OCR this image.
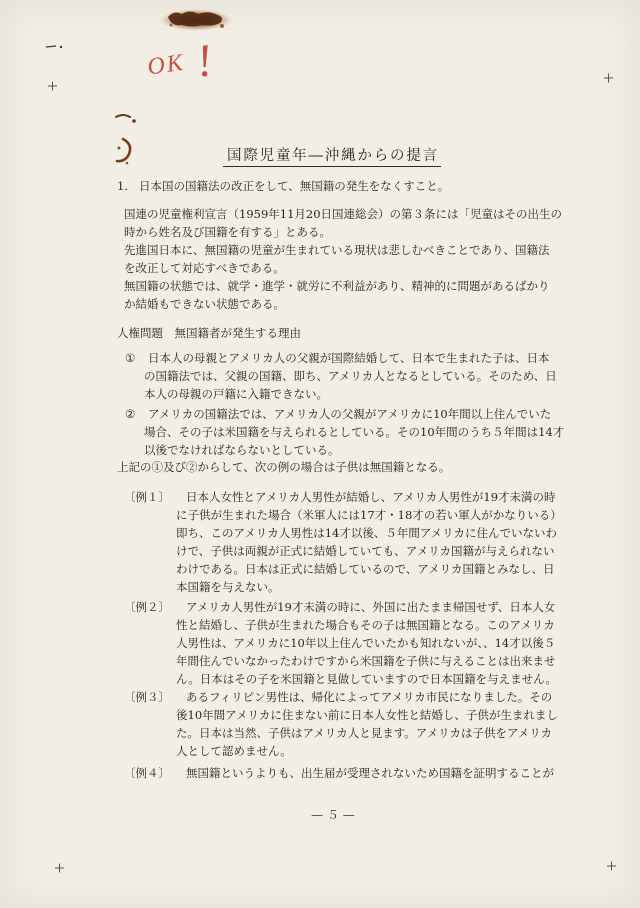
OK !
国際児童年―沖縄からの提言
1. 日本国の国籍法の改正をして、無国籍の発生をなくすこと。
国連の児童権利宣言（1959年11月20日国連総会）の第３条には「児童はその出生の
時から姓名及び国籍を有する」とある。
先進国日本に、無国籍の児童が生まれている現状は悲しむべきことであり、国籍法
を改正して対応すべきである。
無国籍の状態では、就学・進学・就労に不利益があり、精神的に問題があるばかり
か結婚もできない状態である。
人権問題　無国籍者が発生する理由
① 日本人の母親とアメリカ人の父親が国際結婚して、日本で生まれた子は、日本
の国籍法では、父親の国籍、即ち、アメリカ人となるとしている。そのため、日
本人の母親の戸籍に入籍できない。
② アメリカの国籍法では、アメリカ人の父親がアメリカに10年間以上住んでいた
場合、その子は米国籍を与えられるとしている。その10年間のうち５年間は14才
以後でなければならないとしている。
上記の①及び②からして、次の例の場合は子供は無国籍となる。
〔例１〕 日本人女性とアメリカ人男性が結婚し、アメリカ人男性が19才未満の時
に子供が生まれた場合（米軍人には17才・18才の若い軍人がかなりいる）
即ち、このアメリカ人男性は14才以後、５年間アメリカに住んでいないわ
けで、子供は両親が正式に結婚していても、アメリカ国籍が与えられない
わけである。日本は正式に結婚しているので、アメリカ国籍とみなし、日
本国籍を与えない。
〔例２〕 アメリカ人男性が19才未満の時に、外国に出たまま帰国せず、日本人女
性と結婚し、子供が生まれた場合もその子は無国籍となる。このアメリカ
人男性は、アメリカに10年以上住んでいたかも知れないが、、14才以後５
年間住んでいなかったわけですから米国籍を子供に与えることは出来ませ
ん。日本はその子を米国籍と見做していますので日本国籍を与えません。
〔例３〕 あるフィリピン男性は、帰化によってアメリカ市民になりました。その
後10年間アメリカに住まない前に日本人女性と結婚し、子供が生まれまし
た。日本は当然、子供はアメリカ人と見ます。アメリカは子供をアメリカ
人として認めません。
〔例４〕 無国籍というよりも、出生届が受理されないため国籍を証明することが
— ５ —
